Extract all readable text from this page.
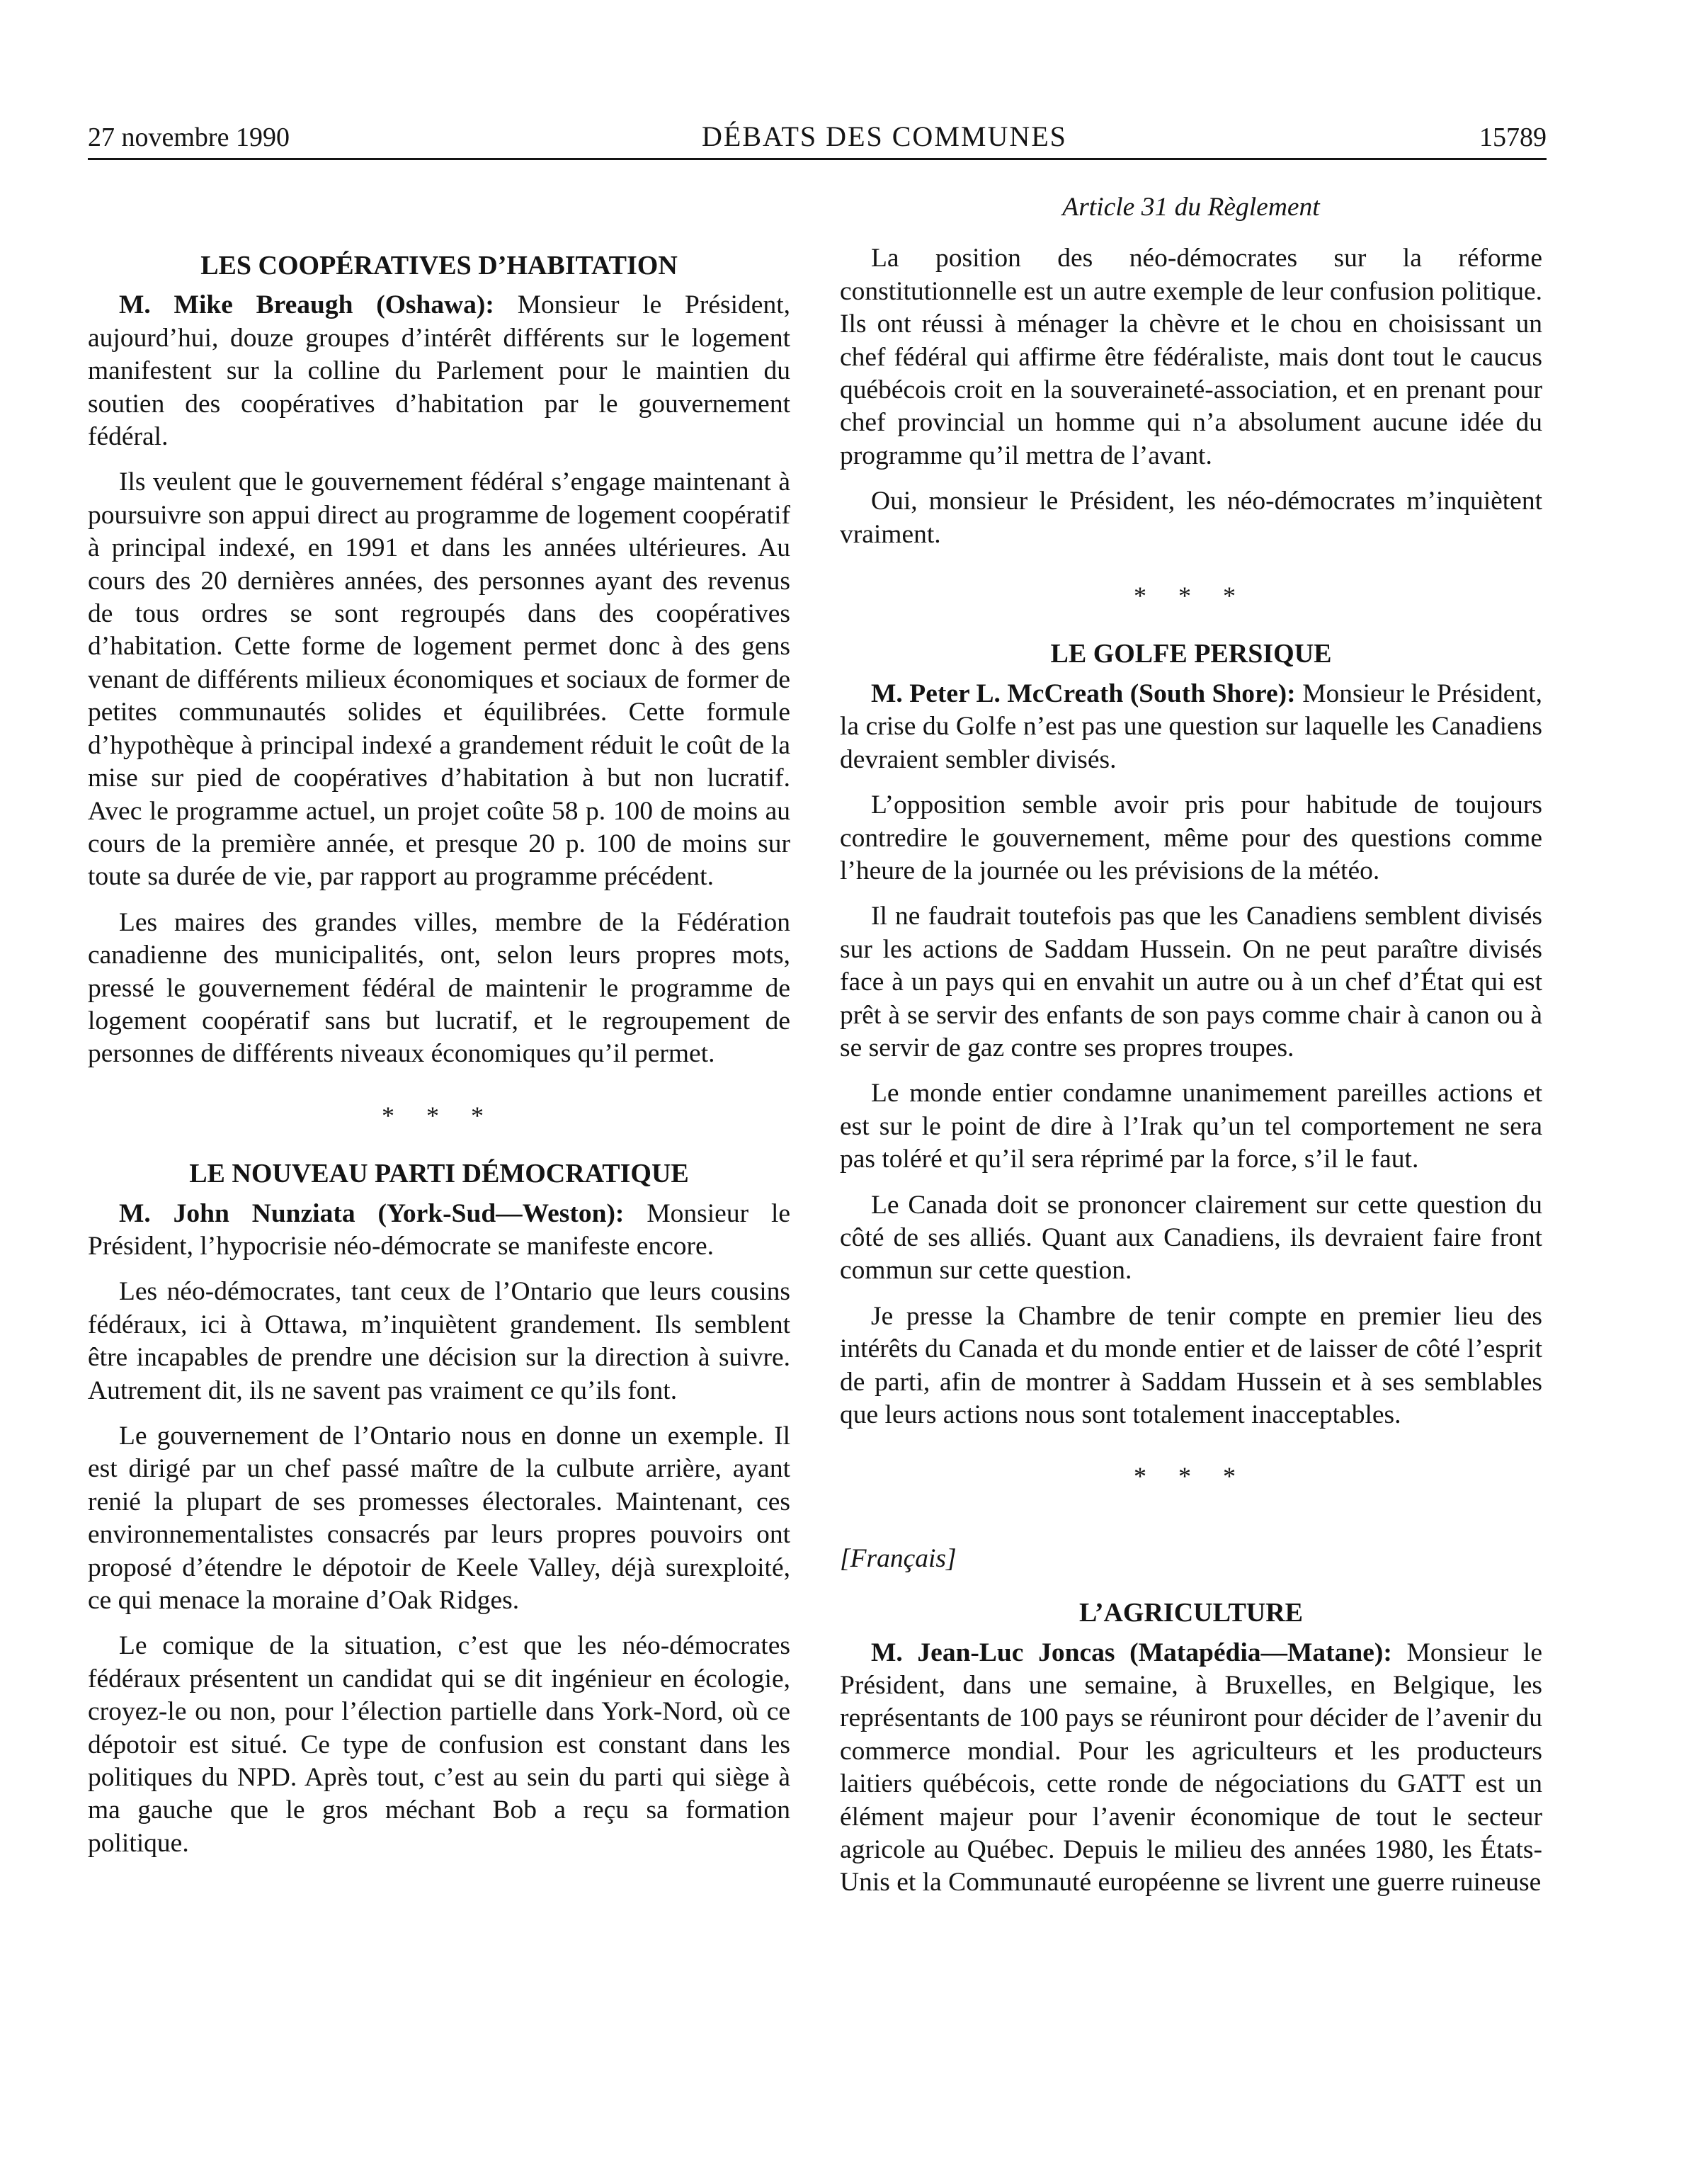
27 novembre 1990	DÉBATS DES COMMUNES	15789

LES COOPÉRATIVES D’HABITATION

M. Mike Breaugh (Oshawa): Monsieur le Président, aujourd’hui, douze groupes d’intérêt différents sur le logement manifestent sur la colline du Parlement pour le maintien du soutien des coopératives d’habitation par le gouvernement fédéral.

Ils veulent que le gouvernement fédéral s’engage maintenant à poursuivre son appui direct au programme de logement coopératif à principal indexé, en 1991 et dans les années ultérieures. Au cours des 20 dernières années, des personnes ayant des revenus de tous ordres se sont regroupés dans des coopératives d’habitation. Cette forme de logement permet donc à des gens venant de différents milieux économiques et sociaux de former de petites communautés solides et équilibrées. Cette formule d’hypothèque à principal indexé a grandement réduit le coût de la mise sur pied de coopératives d’habitation à but non lucratif. Avec le programme actuel, un projet coûte 58 p. 100 de moins au cours de la première année, et presque 20 p. 100 de moins sur toute sa durée de vie, par rapport au programme précédent.

Les maires des grandes villes, membre de la Fédération canadienne des municipalités, ont, selon leurs propres mots, pressé le gouvernement fédéral de maintenir le programme de logement coopératif sans but lucratif, et le regroupement de personnes de différents niveaux économiques qu’il permet.

* * *

LE NOUVEAU PARTI DÉMOCRATIQUE

M. John Nunziata (York-Sud—Weston): Monsieur le Président, l’hypocrisie néo-démocrate se manifeste encore.

Les néo-démocrates, tant ceux de l’Ontario que leurs cousins fédéraux, ici à Ottawa, m’inquiètent grandement. Ils semblent être incapables de prendre une décision sur la direction à suivre. Autrement dit, ils ne savent pas vraiment ce qu’ils font.

Le gouvernement de l’Ontario nous en donne un exemple. Il est dirigé par un chef passé maître de la culbute arrière, ayant renié la plupart de ses promesses électorales. Maintenant, ces environnementalistes consacrés par leurs propres pouvoirs ont proposé d’étendre le dépotoir de Keele Valley, déjà surexploité, ce qui menace la moraine d’Oak Ridges.

Le comique de la situation, c’est que les néo-démocrates fédéraux présentent un candidat qui se dit ingénieur en écologie, croyez-le ou non, pour l’élection partielle dans York-Nord, où ce dépotoir est situé. Ce type de confusion est constant dans les politiques du NPD. Après tout, c’est au sein du parti qui siège à ma gauche que le gros méchant Bob a reçu sa formation politique.

Article 31 du Règlement

La position des néo-démocrates sur la réforme constitutionnelle est un autre exemple de leur confusion politique. Ils ont réussi à ménager la chèvre et le chou en choisissant un chef fédéral qui affirme être fédéraliste, mais dont tout le caucus québécois croit en la souveraineté-association, et en prenant pour chef provincial un homme qui n’a absolument aucune idée du programme qu’il mettra de l’avant.

Oui, monsieur le Président, les néo-démocrates m’inquiètent vraiment.

* * *

LE GOLFE PERSIQUE

M. Peter L. McCreath (South Shore): Monsieur le Président, la crise du Golfe n’est pas une question sur laquelle les Canadiens devraient sembler divisés.

L’opposition semble avoir pris pour habitude de toujours contredire le gouvernement, même pour des questions comme l’heure de la journée ou les prévisions de la météo.

Il ne faudrait toutefois pas que les Canadiens semblent divisés sur les actions de Saddam Hussein. On ne peut paraître divisés face à un pays qui en envahit un autre ou à un chef d’État qui est prêt à se servir des enfants de son pays comme chair à canon ou à se servir de gaz contre ses propres troupes.

Le monde entier condamne unanimement pareilles actions et est sur le point de dire à l’Irak qu’un tel comportement ne sera pas toléré et qu’il sera réprimé par la force, s’il le faut.

Le Canada doit se prononcer clairement sur cette question du côté de ses alliés. Quant aux Canadiens, ils devraient faire front commun sur cette question.

Je presse la Chambre de tenir compte en premier lieu des intérêts du Canada et du monde entier et de laisser de côté l’esprit de parti, afin de montrer à Saddam Hussein et à ses semblables que leurs actions nous sont totalement inacceptables.

* * *

[Français]

L’AGRICULTURE

M. Jean-Luc Joncas (Matapédia—Matane): Monsieur le Président, dans une semaine, à Bruxelles, en Belgique, les représentants de 100 pays se réuniront pour décider de l’avenir du commerce mondial. Pour les agriculteurs et les producteurs laitiers québécois, cette ronde de négociations du GATT est un élément majeur pour l’avenir économique de tout le secteur agricole au Québec. Depuis le milieu des années 1980, les États-Unis et la Communauté européenne se livrent une guerre ruineuse
